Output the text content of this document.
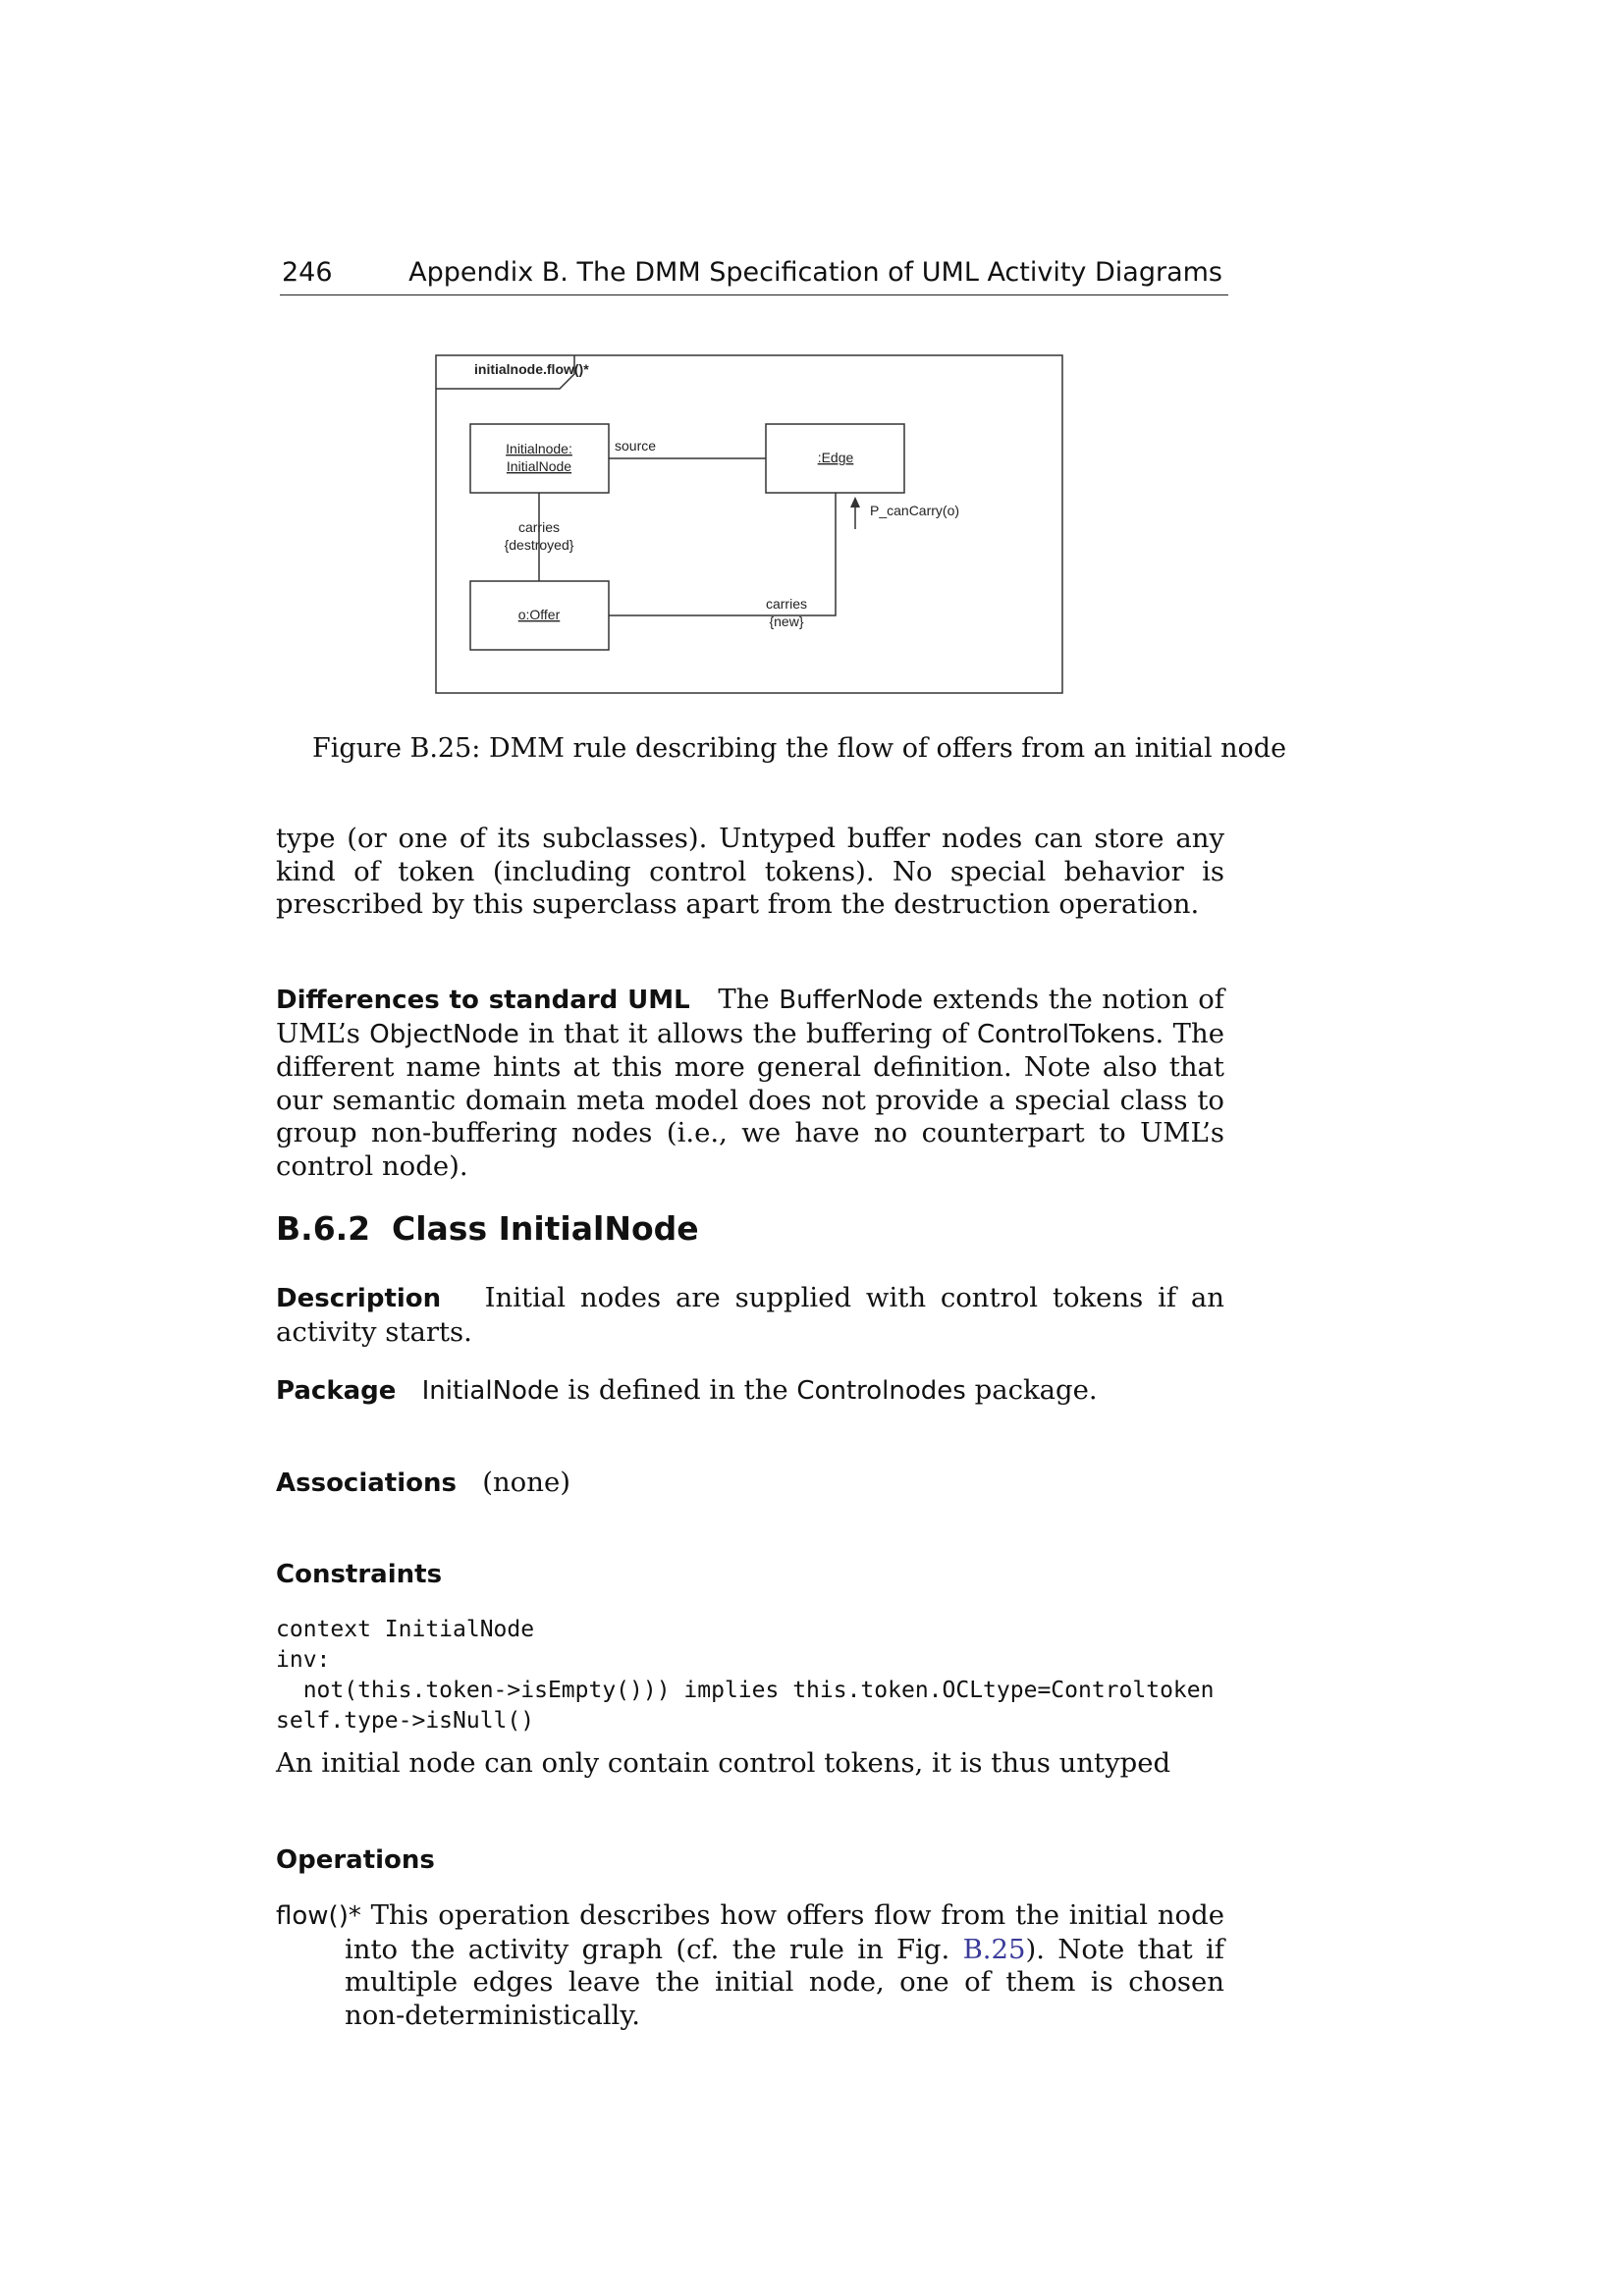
246	Appendix B. The DMM Specification of UML Activity Diagrams
initialnode.flow()*
Initialnode:
InitialNode
:Edge
o:Offer
source
carries
{destroyed}
carries
{new}
P_canCarry(o)
Figure B.25: DMM rule describing the flow of offers from an initial node

type (or one of its subclasses). Untyped buffer nodes can store any kind of token (including control tokens). No special behavior is prescribed by this superclass apart from the destruction operation.

Differences to standard UML The BufferNode extends the notion of UML’s ObjectNode in that it allows the buffering of ControlTokens. The different name hints at this more general definition. Note also that our semantic domain meta model does not provide a special class to group non-buffering nodes (i.e., we have no counterpart to UML’s control node).

B.6.2 Class InitialNode

Description Initial nodes are supplied with control tokens if an activity starts.

Package InitialNode is defined in the Controlnodes package.

Associations (none)

Constraints
context InitialNode
inv:
not(this.token->isEmpty())) implies this.token.OCLtype=Controltoken
self.type->isNull()

An initial node can only contain control tokens, it is thus untyped

Operations

flow()* This operation describes how offers flow from the initial node into the activity graph (cf. the rule in Fig. B.25). Note that if multiple edges leave the initial node, one of them is chosen non-deterministically.
